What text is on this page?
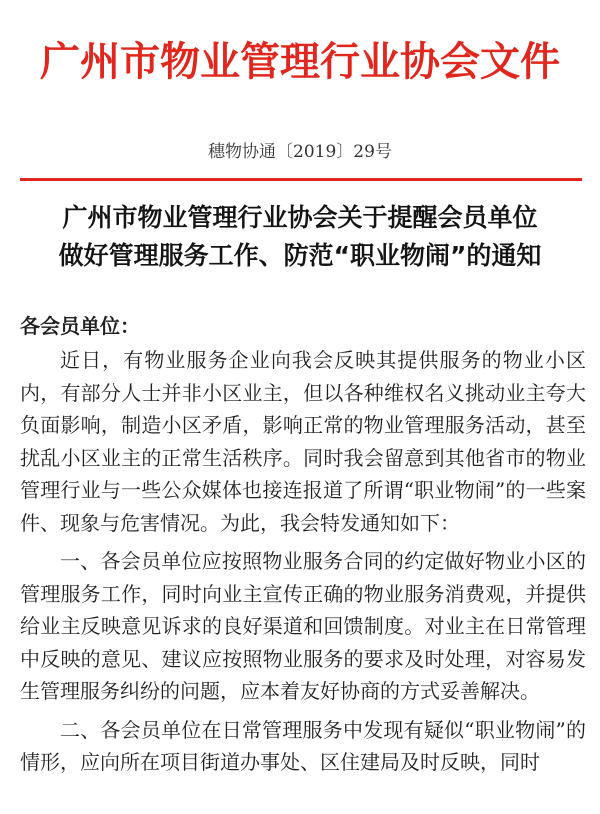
广州市物业管理行业协会文件
穗物协通〔2019〕29号
广州市物业管理行业协会关于提醒会员单位
做好管理服务工作、防范“职业物闹”的通知
各会员单位：

近日，有物业服务企业向我会反映其提供服务的物业小区内，有部分人士并非小区业主，但以各种维权名义挑动业主夸大负面影响，制造小区矛盾，影响正常的物业管理服务活动，甚至扰乱小区业主的正常生活秩序。同时我会留意到其他省市的物业管理行业与一些公众媒体也接连报道了所谓“职业物闹”的一些案件、现象与危害情况。为此，我会特发通知如下：

一、各会员单位应按照物业服务合同的约定做好物业小区的管理服务工作，同时向业主宣传正确的物业服务消费观，并提供给业主反映意见诉求的良好渠道和回馈制度。对业主在日常管理中反映的意见、建议应按照物业服务的要求及时处理，对容易发生管理服务纠纷的问题，应本着友好协商的方式妥善解决。

二、各会员单位在日常管理服务中发现有疑似“职业物闹”的情形，应向所在项目街道办事处、区住建局及时反映，同时
